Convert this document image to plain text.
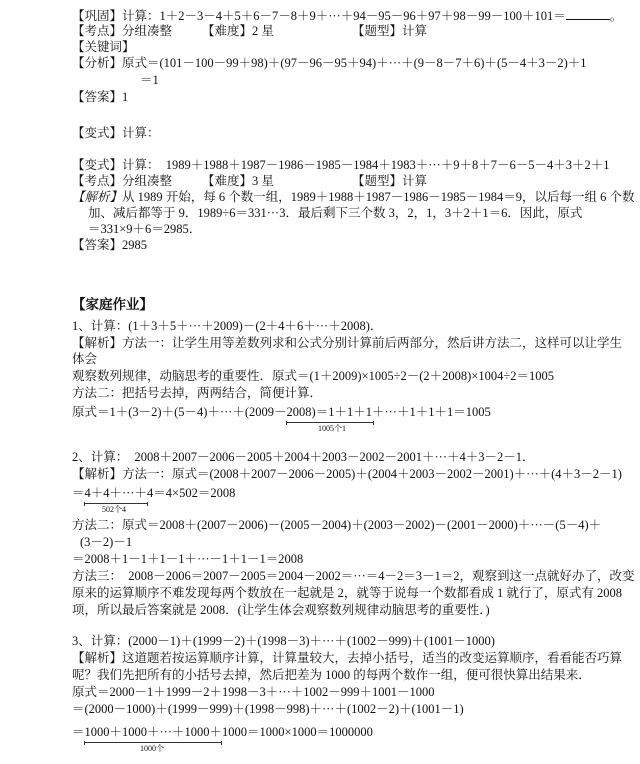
【巩固】计算：1＋2－3－4＋5＋6－7－8＋9＋···＋94－95－96＋97＋98－99－100＋101＝	。
【考点】分组凑整 【难度】2 星	【题型】计算
【关键词】
【分析】原式＝(101－100－99＋98)＋(97－96－95＋94)＋···＋(9－8－7＋6)＋(5－4＋3－2)＋1
＝1
【答案】1
【变式】计算：
【变式】计算：　1989＋1988＋1987－1986－1985－1984＋1983＋···＋9＋8＋7－6－5－4＋3＋2＋1
【考点】分组凑整 【难度】3 星	【题型】计算
【解析】从 1989 开始，每 6 个数一组，1989＋1988＋1987－1986－1985－1984＝9，以后每一组 6 个数
加、减后都等于 9．1989÷6＝331···3．最后剩下三个数 3，2，1，3＋2＋1＝6．因此，原式
＝331×9＋6＝2985．
【答案】2985
【家庭作业】
1、计算：(1＋3＋5＋···＋2009)－(2＋4＋6＋···＋2008)．
【解析】方法一：让学生用等差数列求和公式分别计算前后两部分，然后讲方法二，这样可以让学生
体会
观察数列规律，动脑思考的重要性．原式＝(1＋2009)×1005÷2－(2＋2008)×1004÷2＝1005
方法二：把括号去掉，两两结合，简便计算．
原式＝1＋(3－2)＋(5－4)＋···＋(2009－2008)＝1＋1＋1＋···＋1＋1＋1＝1005
1005个1
2、计算：　2008＋2007－2006－2005＋2004＋2003－2002－2001＋···＋4＋3－2－1．
【解析】方法一：原式＝(2008＋2007－2006－2005)＋(2004＋2003－2002－2001)＋···＋(4＋3－2－1)
＝4＋4＋···＋4＝4×502＝2008
502个4
方法二：原式＝2008＋(2007－2006)－(2005－2004)＋(2003－2002)－(2001－2000)＋···－(5－4)＋
(3－2)－1
＝2008＋1－1＋1－1＋···－1＋1－1＝2008
方法三：　2008－2006＝2007－2005＝2004－2002＝···＝4－2＝3－1＝2，观察到这一点就好办了，改变
原来的运算顺序不难发现每两个数放在一起就是 2，就等于说每一个数都看成 1 就行了，原式有 2008
项，所以最后答案就是 2008．(让学生体会观察数列规律动脑思考的重要性．)
3、计算：(2000－1)＋(1999－2)＋(1998－3)＋···＋(1002－999)＋(1001－1000)
【解析】这道题若按运算顺序计算，计算量较大，去掉小括号，适当的改变运算顺序，看看能否巧算
呢？我们先把所有的小括号去掉，然后把差为 1000 的每两个数作一组，便可很快算出结果来．
原式＝2000－1＋1999－2＋1998－3＋···＋1002－999＋1001－1000
＝(2000－1000)＋(1999－999)＋(1998－998)＋···＋(1002－2)＋(1001－1)
＝1000＋1000＋···＋1000＋1000＝1000×1000＝1000000
1000个
